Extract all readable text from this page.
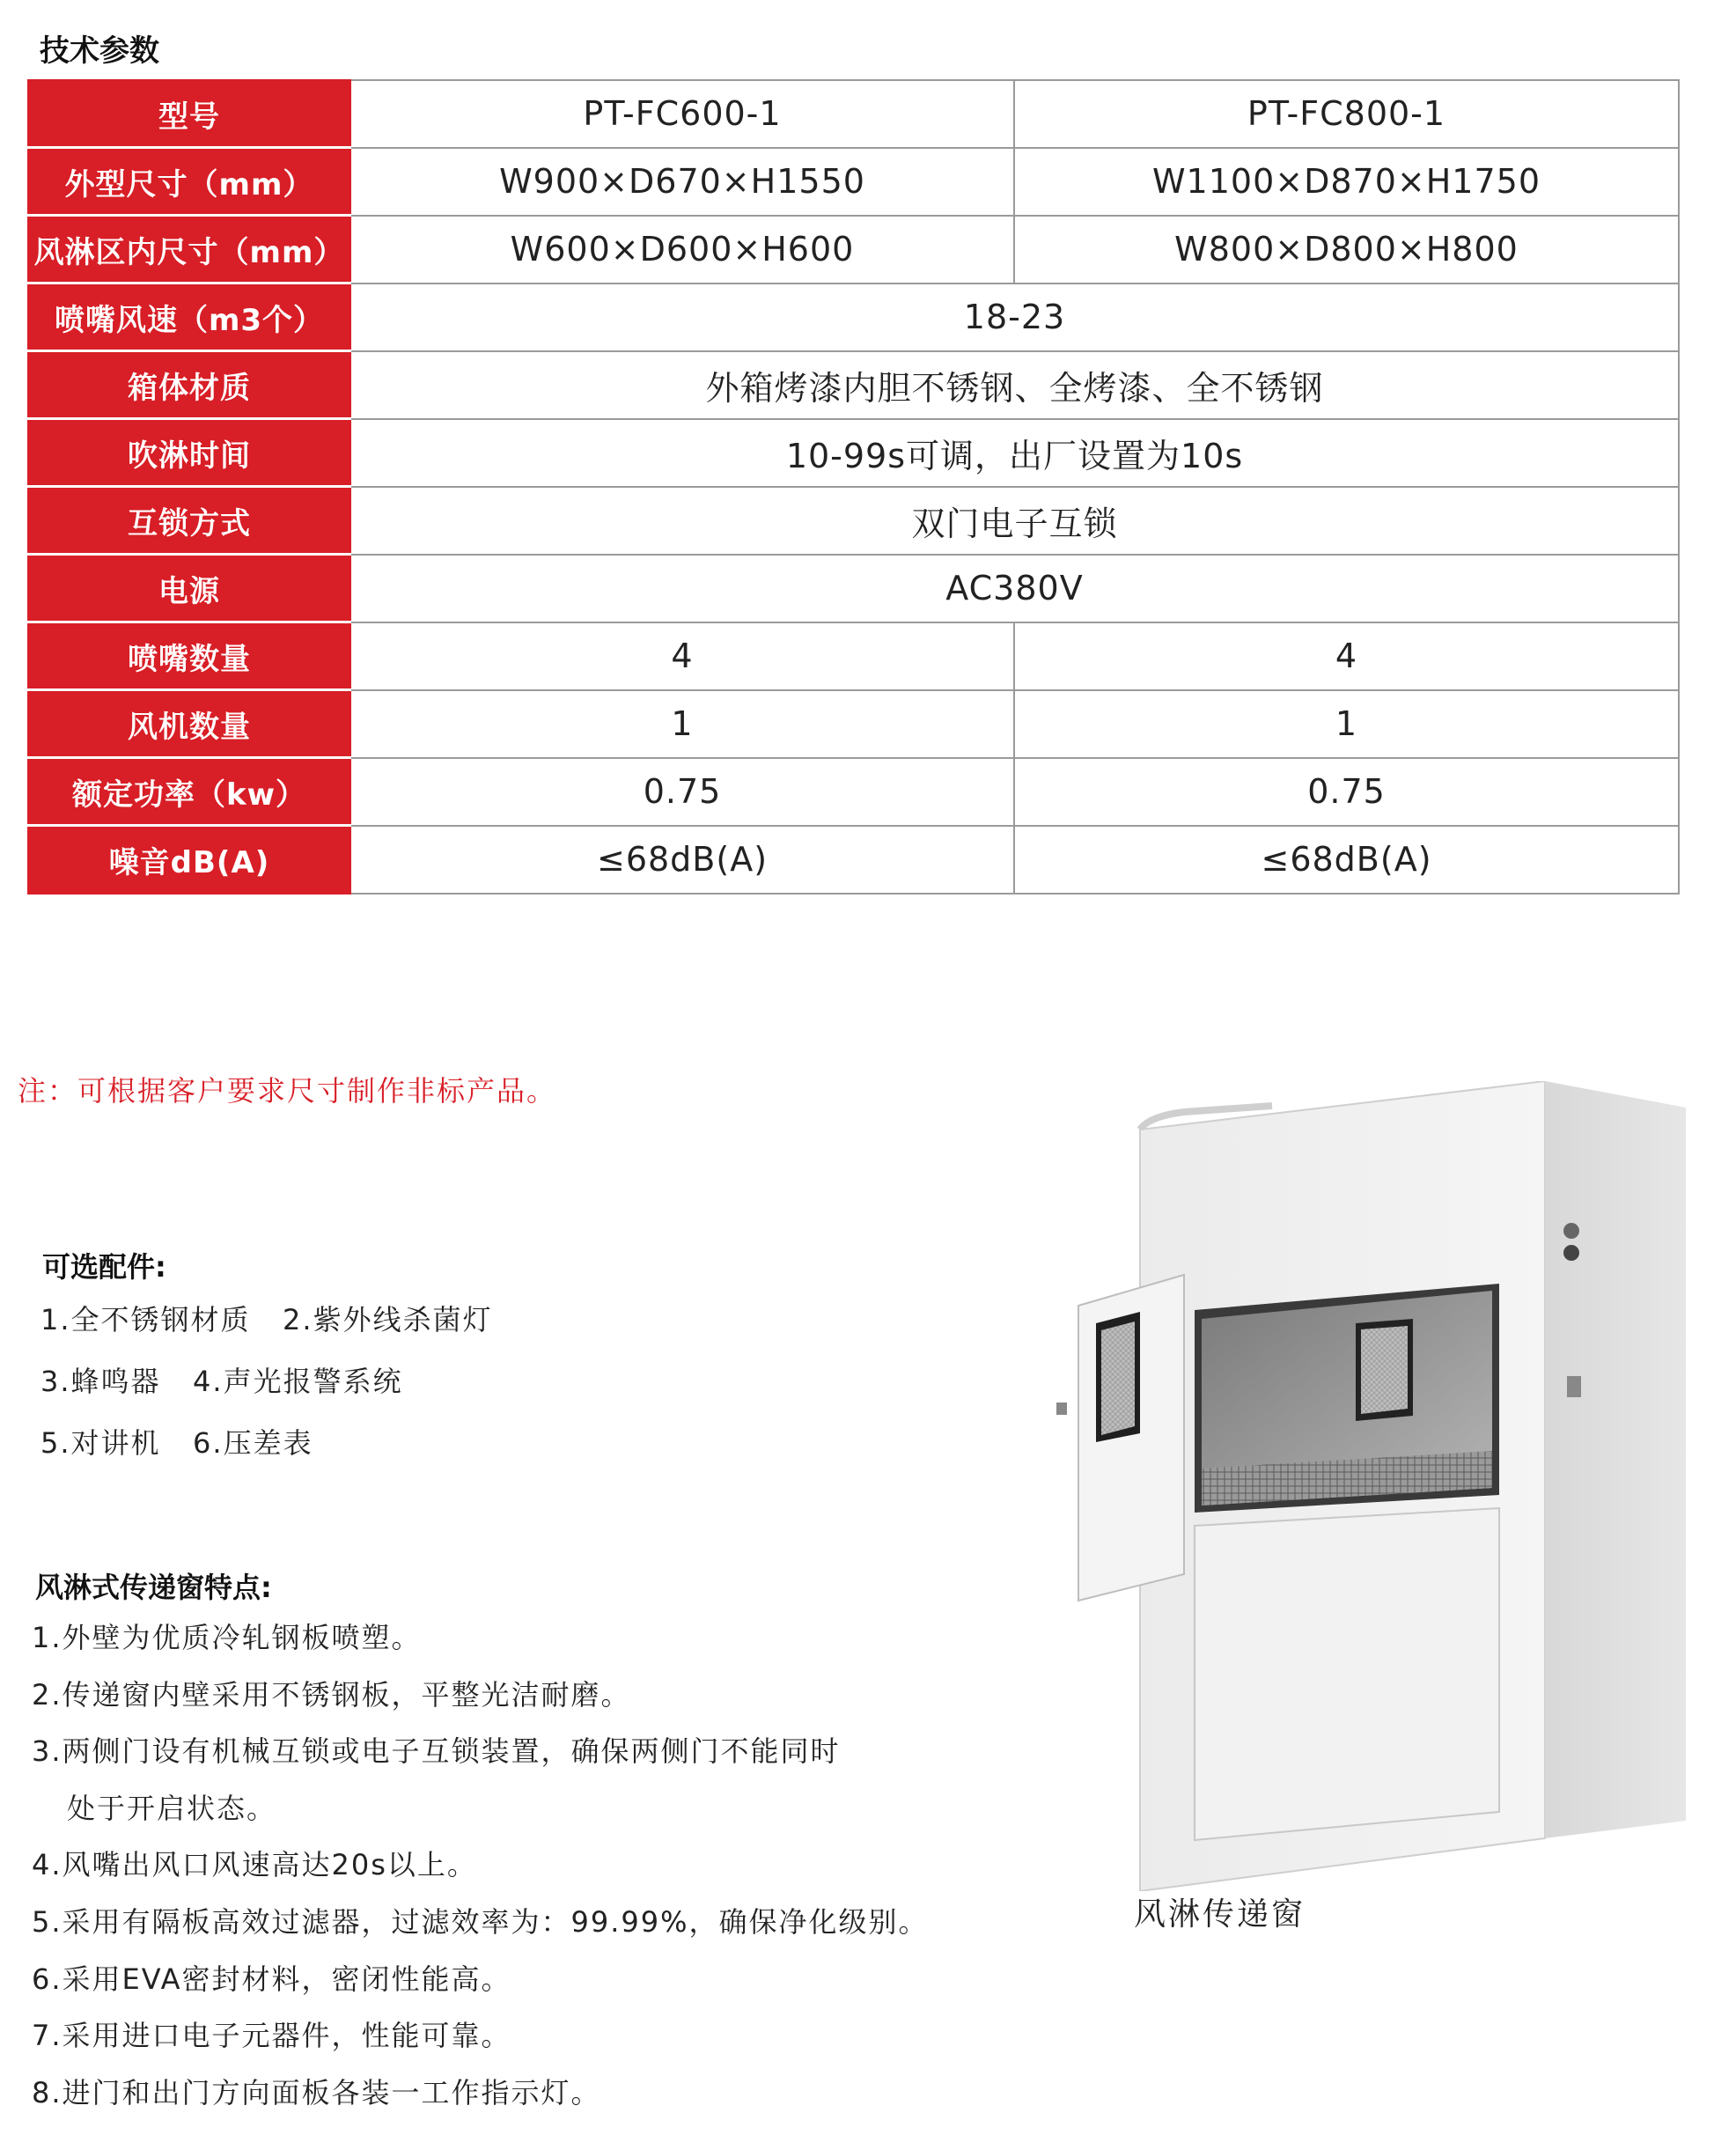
技术参数
型号	PT-FC600-1	PT-FC800-1
外型尺寸（mm）	W900×D670×H1550	W1100×D870×H1750
风淋区内尺寸（mm）	W600×D600×H600	W800×D800×H800
喷嘴风速（m3个）	18-23	
箱体材质	外箱烤漆内胆不锈钢、全烤漆、全不锈钢	
吹淋时间	10-99s可调，出厂设置为10s	
互锁方式	双门电子互锁	
电源	AC380V	
喷嘴数量	4	4
风机数量	1	1
额定功率（kw）	0.75	0.75
噪音dB(A)	≤68dB(A)	≤68dB(A)
注：可根据客户要求尺寸制作非标产品。
可选配件:
1.全不锈钢材质   2.紫外线杀菌灯
3.蜂鸣器   4.声光报警系统
5.对讲机   6.压差表
风淋式传递窗特点:
1.外壁为优质冷轧钢板喷塑。
2.传递窗内壁采用不锈钢板，平整光洁耐磨。
3.两侧门设有机械互锁或电子互锁装置，确保两侧门不能同时
处于开启状态。
4.风嘴出风口风速高达20s以上。
5.采用有隔板高效过滤器，过滤效率为：99.99%，确保净化级别。
6.采用EVA密封材料，密闭性能高。
7.采用进口电子元器件，性能可靠。
8.进门和出门方向面板各装一工作指示灯。
风淋传递窗
